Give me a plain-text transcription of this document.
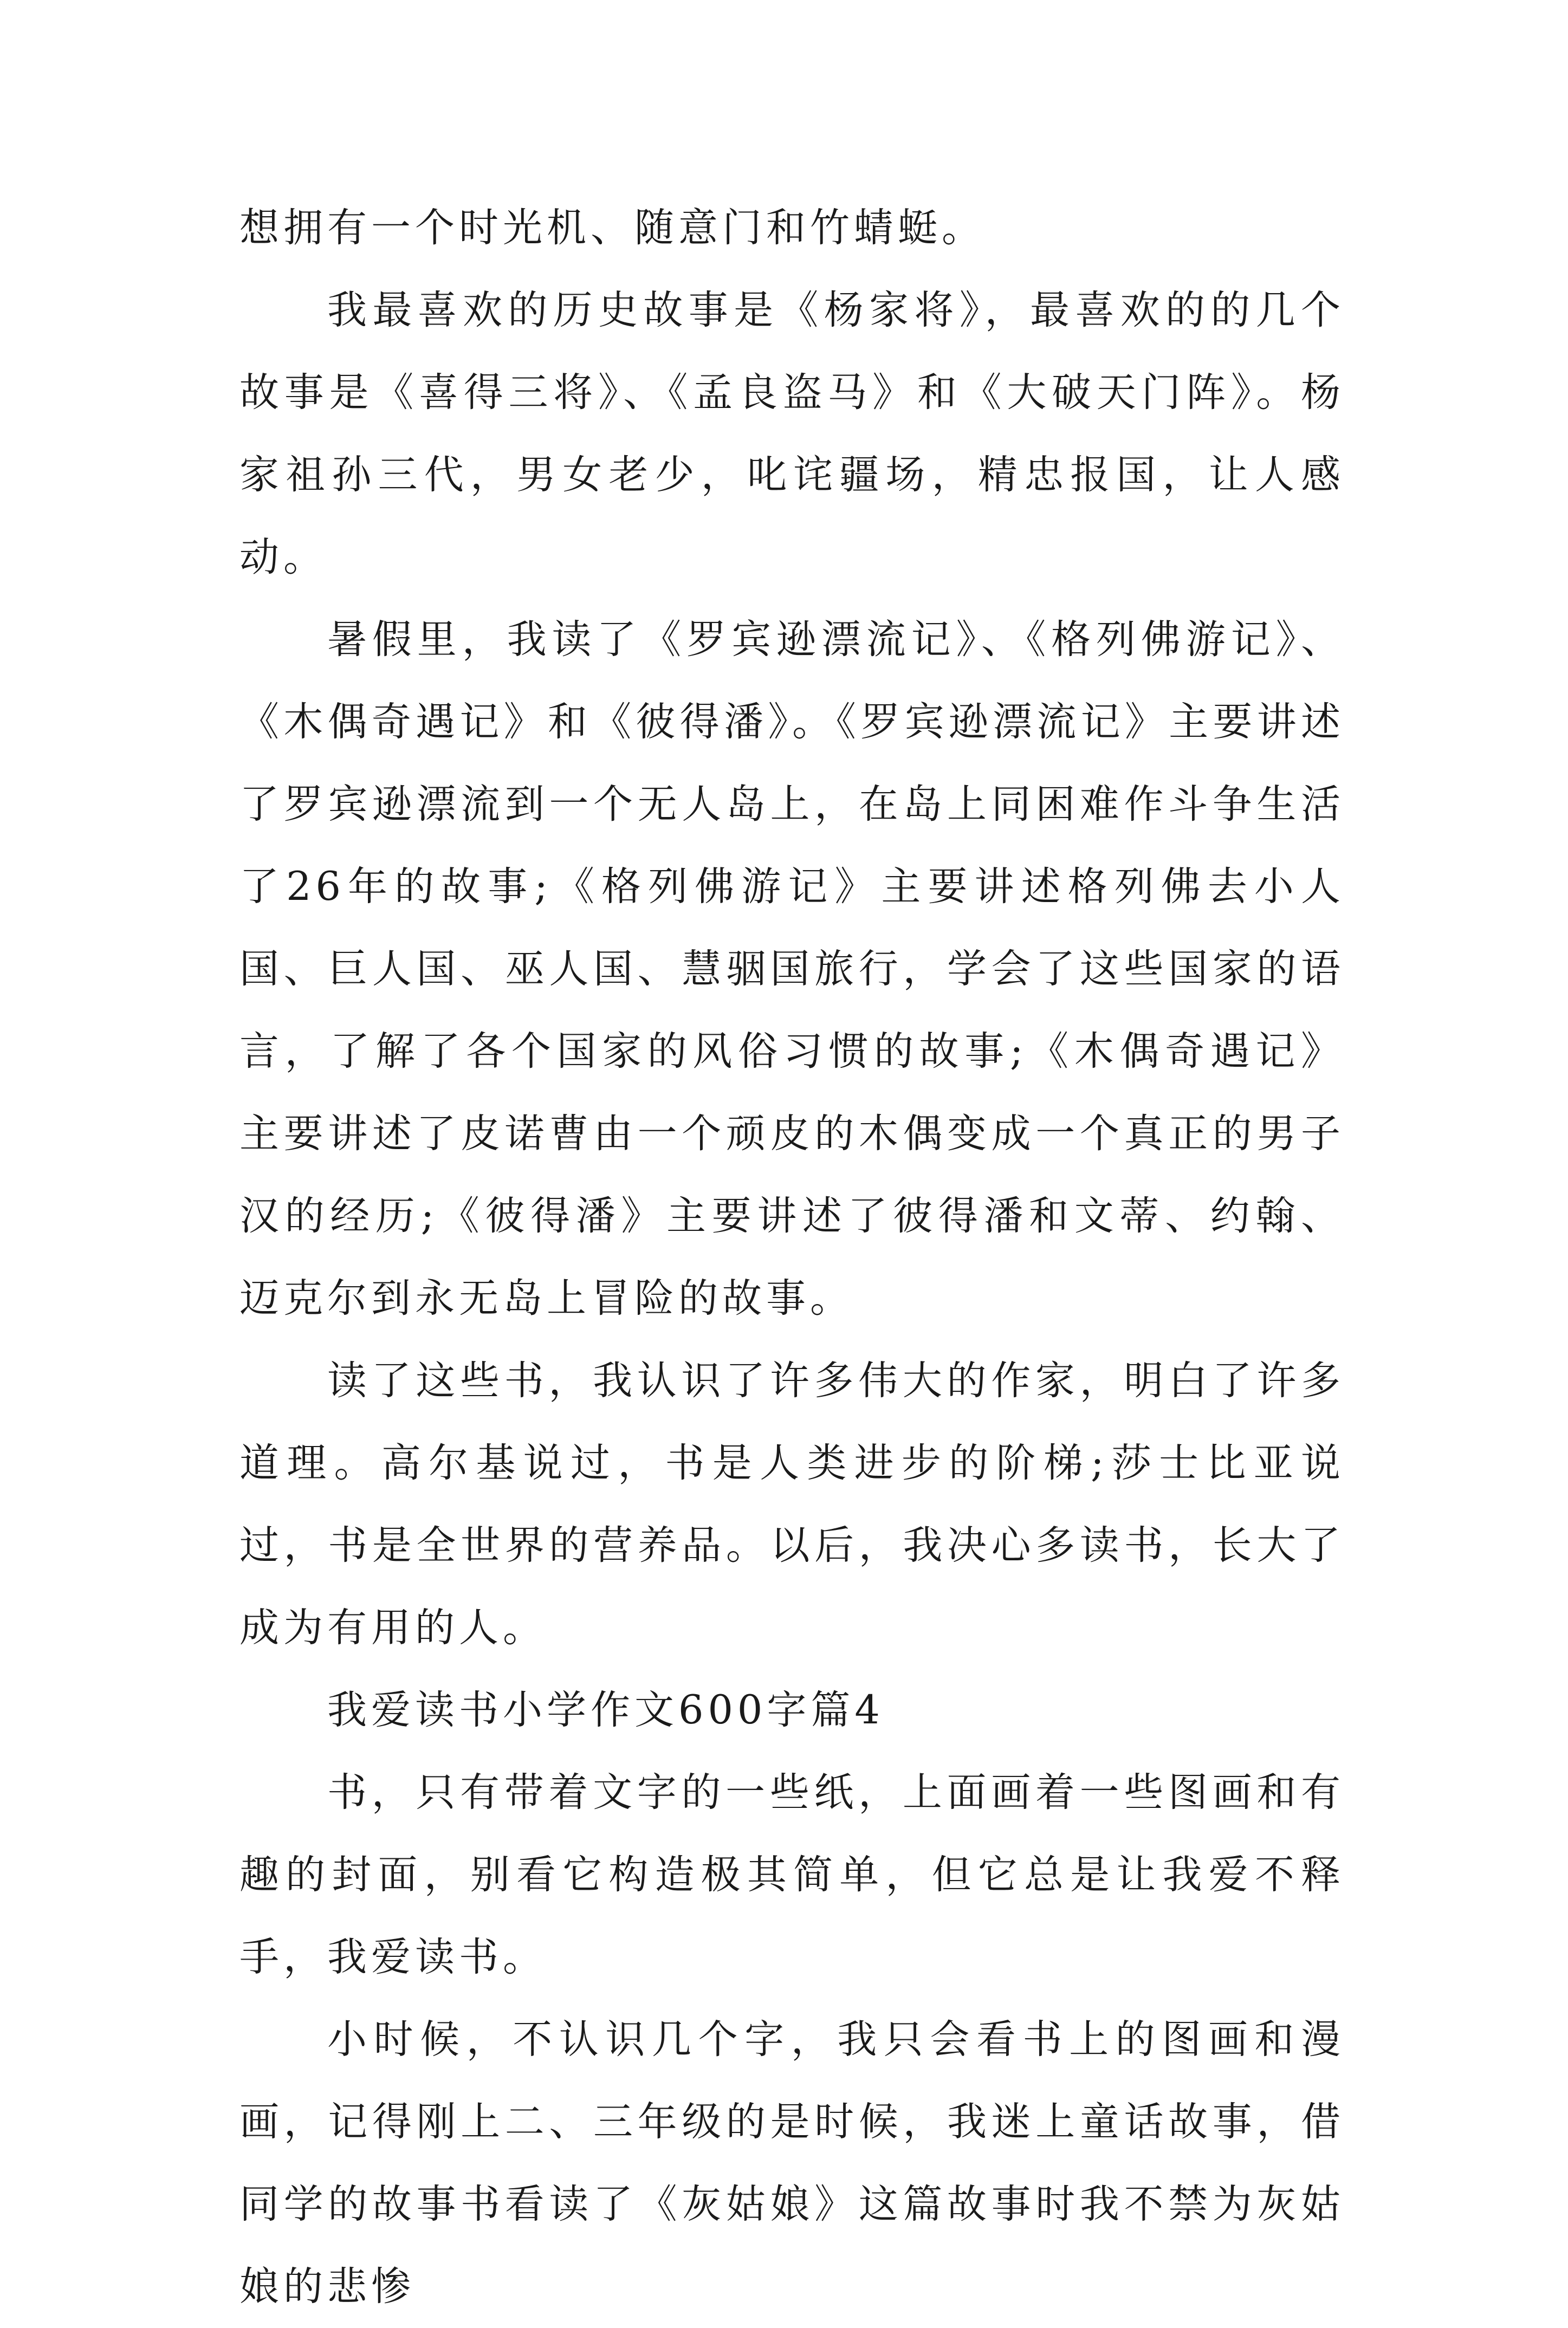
想拥有一个时光机、随意门和竹蜻蜓。

我最喜欢的历史故事是《杨家将》，最喜欢的的几个故事是《喜得三将》、《孟良盗马》和《大破天门阵》。杨家祖孙三代，男女老少，叱诧疆场，精忠报国，让人感动。

暑假里，我读了《罗宾逊漂流记》、《格列佛游记》、《木偶奇遇记》和《彼得潘》。《罗宾逊漂流记》主要讲述了罗宾逊漂流到一个无人岛上，在岛上同困难作斗争生活了26年的故事;《格列佛游记》主要讲述格列佛去小人国、巨人国、巫人国、慧骃国旅行，学会了这些国家的语言，了解了各个国家的风俗习惯的故事;《木偶奇遇记》主要讲述了皮诺曹由一个顽皮的木偶变成一个真正的男子汉的经历;《彼得潘》主要讲述了彼得潘和文蒂、约翰、迈克尔到永无岛上冒险的故事。

读了这些书，我认识了许多伟大的作家，明白了许多道理。高尔基说过，书是人类进步的阶梯;莎士比亚说过，书是全世界的营养品。以后，我决心多读书，长大了成为有用的人。

我爱读书小学作文600字篇4

书，只有带着文字的一些纸，上面画着一些图画和有趣的封面，别看它构造极其简单，但它总是让我爱不释手，我爱读书。

小时候，不认识几个字，我只会看书上的图画和漫画，记得刚上二、三年级的是时候，我迷上童话故事，借同学的故事书看读了《灰姑娘》这篇故事时我不禁为灰姑娘的悲惨
